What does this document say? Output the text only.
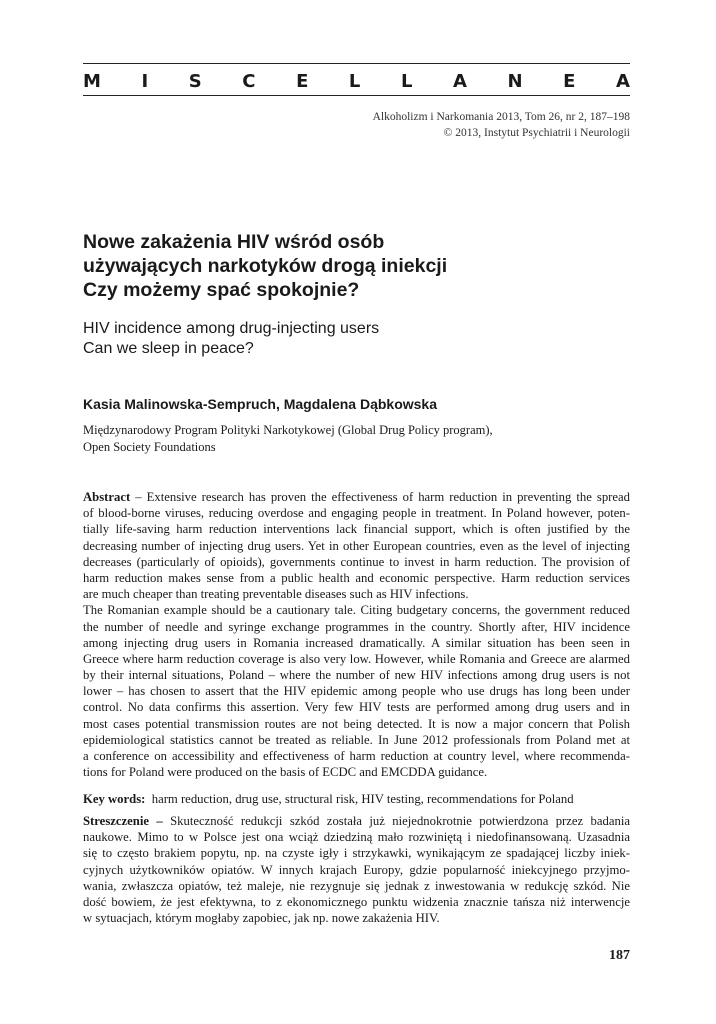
M I S C E L L A N E A
Alkoholizm i Narkomania 2013, Tom 26, nr 2, 187–198
© 2013, Instytut Psychiatrii i Neurologii
Nowe zakażenia HIV wśród osób
używających narkotyków drogą iniekcji
Czy możemy spać spokojnie?
HIV incidence among drug-injecting users
Can we sleep in peace?
Kasia Malinowska-Sempruch, Magdalena Dąbkowska
Międzynarodowy Program Polityki Narkotykowej (Global Drug Policy program),
Open Society Foundations
Abstract – Extensive research has proven the effectiveness of harm reduction in preventing the spread
of blood-borne viruses, reducing overdose and engaging people in treatment. In Poland however, poten-
tially life-saving harm reduction interventions lack financial support, which is often justified by the
decreasing number of injecting drug users. Yet in other European countries, even as the level of injecting
decreases (particularly of opioids), governments continue to invest in harm reduction. The provision of
harm reduction makes sense from a public health and economic perspective. Harm reduction services
are much cheaper than treating preventable diseases such as HIV infections.
The Romanian example should be a cautionary tale. Citing budgetary concerns, the government reduced
the number of needle and syringe exchange programmes in the country. Shortly after, HIV incidence
among injecting drug users in Romania increased dramatically. A similar situation has been seen in
Greece where harm reduction coverage is also very low. However, while Romania and Greece are alarmed
by their internal situations, Poland – where the number of new HIV infections among drug users is not
lower – has chosen to assert that the HIV epidemic among people who use drugs has long been under
control. No data confirms this assertion. Very few HIV tests are performed among drug users and in
most cases potential transmission routes are not being detected. It is now a major concern that Polish
epidemiological statistics cannot be treated as reliable. In June 2012 professionals from Poland met at
a conference on accessibility and effectiveness of harm reduction at country level, where recommenda-
tions for Poland were produced on the basis of ECDC and EMCDDA guidance.
Key words:  harm reduction, drug use, structural risk, HIV testing, recommendations for Poland
Streszczenie – Skuteczność redukcji szkód została już niejednokrotnie potwierdzona przez badania
naukowe. Mimo to w Polsce jest ona wciąż dziedziną mało rozwiniętą i niedofinansowaną. Uzasadnia
się to często brakiem popytu, np. na czyste igły i strzykawki, wynikającym ze spadającej liczby iniek-
cyjnych użytkowników opiatów. W innych krajach Europy, gdzie popularność iniekcyjnego przyjmo-
wania, zwłaszcza opiatów, też maleje, nie rezygnuje się jednak z inwestowania w redukcję szkód. Nie
dość bowiem, że jest efektywna, to z ekonomicznego punktu widzenia znacznie tańsza niż interwencje
w sytuacjach, którym mogłaby zapobiec, jak np. nowe zakażenia HIV.
187
